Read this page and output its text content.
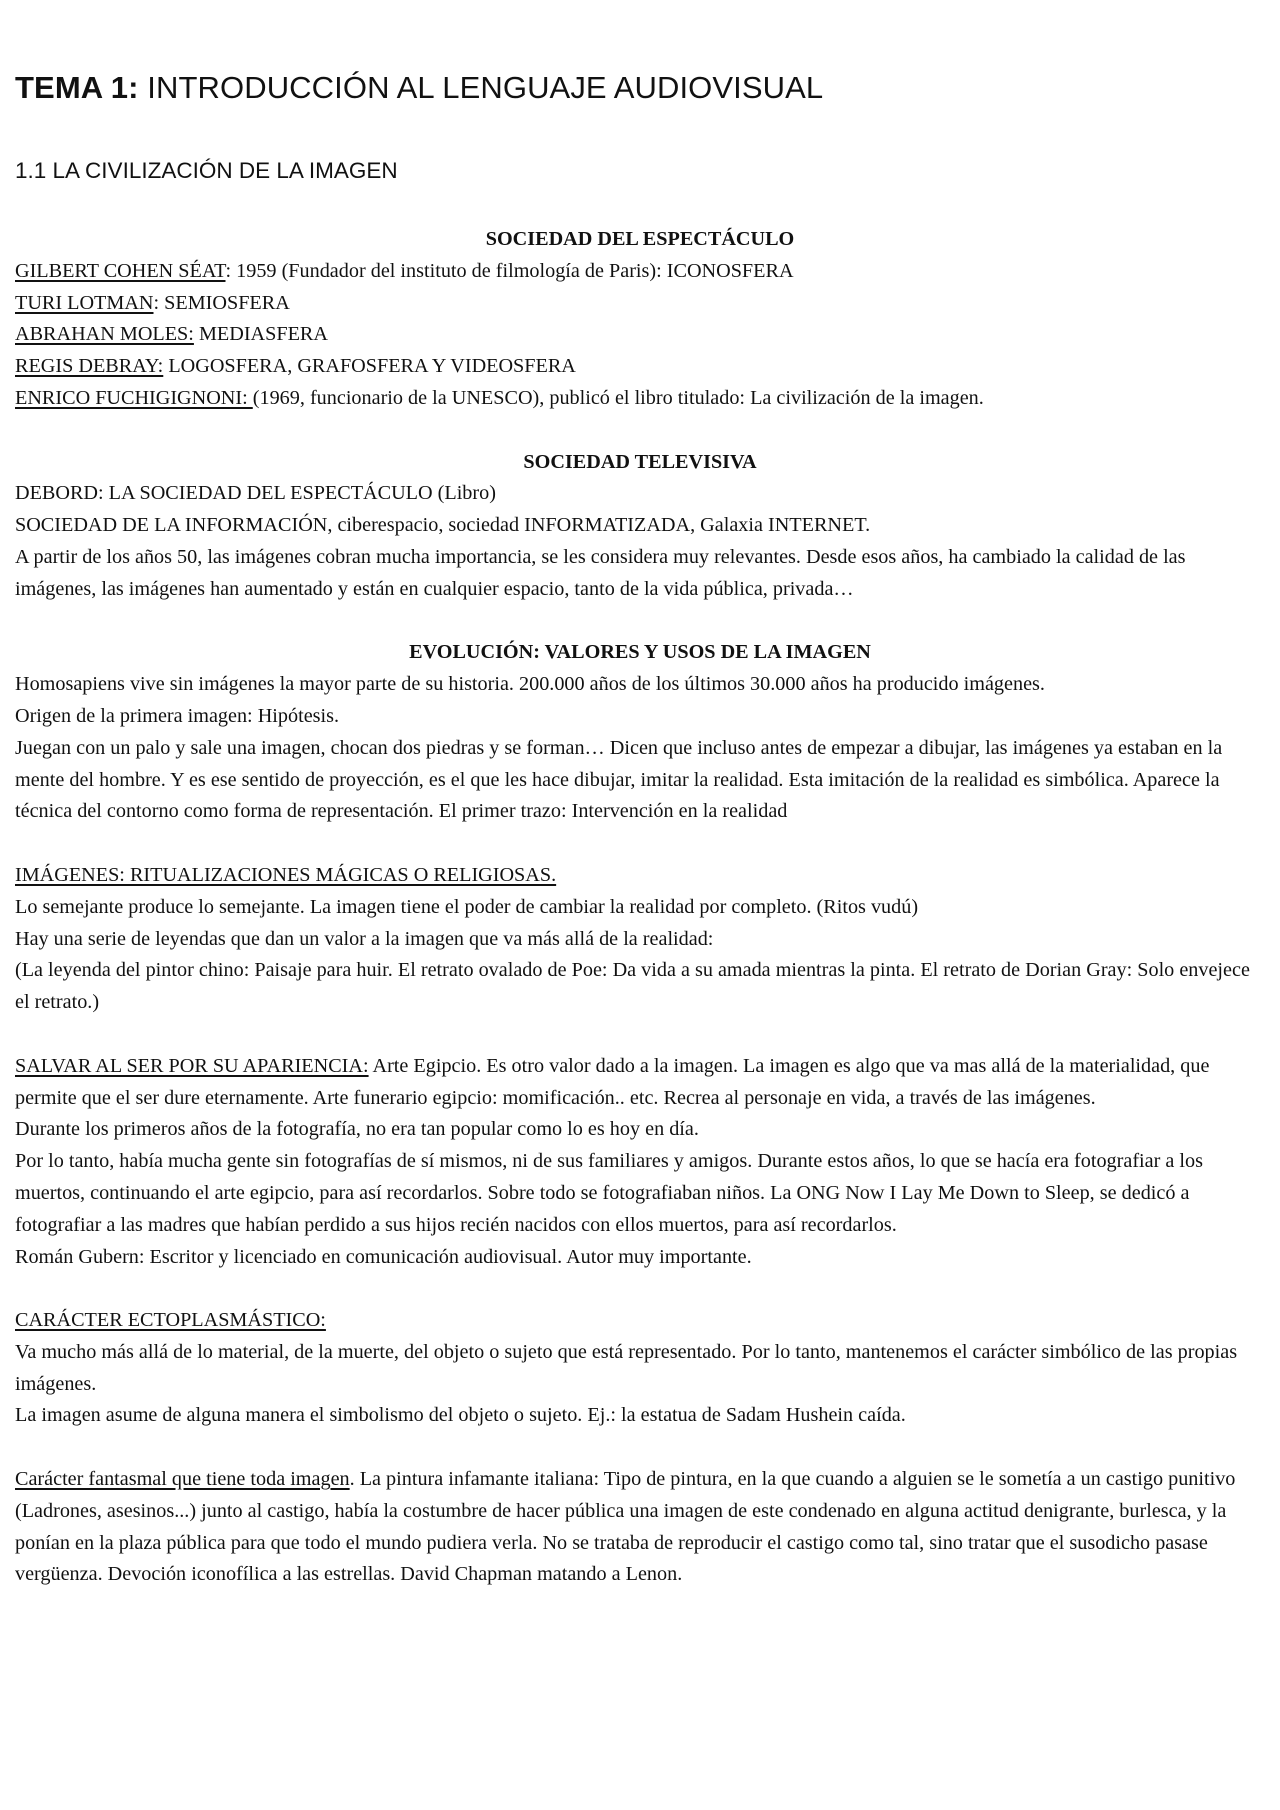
TEMA 1: INTRODUCCIÓN AL LENGUAJE AUDIOVISUAL
1.1 LA CIVILIZACIÓN DE LA IMAGEN

SOCIEDAD DEL ESPECTÁCULO

GILBERT COHEN SÉAT: 1959 (Fundador del instituto de filmología de Paris): ICONOSFERA

TURI LOTMAN: SEMIOSFERA

ABRAHAN MOLES: MEDIASFERA

REGIS DEBRAY: LOGOSFERA, GRAFOSFERA Y VIDEOSFERA

ENRICO FUCHIGIGNONI: (1969, funcionario de la UNESCO), publicó el libro titulado: La civilización de la imagen.

SOCIEDAD TELEVISIVA

DEBORD: LA SOCIEDAD DEL ESPECTÁCULO (Libro)

SOCIEDAD DE LA INFORMACIÓN, ciberespacio, sociedad INFORMATIZADA, Galaxia INTERNET.

A partir de los años 50, las imágenes cobran mucha importancia, se les considera muy relevantes. Desde esos años, ha cambiado la calidad de las imágenes, las imágenes han aumentado y están en cualquier espacio, tanto de la vida pública, privada…

EVOLUCIÓN: VALORES Y USOS DE LA IMAGEN

Homosapiens vive sin imágenes la mayor parte de su historia. 200.000 años de los últimos 30.000 años ha producido imágenes.

Origen de la primera imagen: Hipótesis.

Juegan con un palo y sale una imagen, chocan dos piedras y se forman… Dicen que incluso antes de empezar a dibujar, las imágenes ya estaban en la mente del hombre. Y es ese sentido de proyección, es el que les hace dibujar, imitar la realidad. Esta imitación de la realidad es simbólica. Aparece la técnica del contorno como forma de representación. El primer trazo: Intervención en la realidad

IMÁGENES: RITUALIZACIONES MÁGICAS O RELIGIOSAS.

Lo semejante produce lo semejante. La imagen tiene el poder de cambiar la realidad por completo. (Ritos vudú)

Hay una serie de leyendas que dan un valor a la imagen que va más allá de la realidad:

(La leyenda del pintor chino: Paisaje para huir. El retrato ovalado de Poe: Da vida a su amada mientras la pinta. El retrato de Dorian Gray: Solo envejece el retrato.)

SALVAR AL SER POR SU APARIENCIA: Arte Egipcio. Es otro valor dado a la imagen. La imagen es algo que va mas allá de la materialidad, que permite que el ser dure eternamente. Arte funerario egipcio: momificación.. etc. Recrea al personaje en vida, a través de las imágenes.

Durante los primeros años de la fotografía, no era tan popular como lo es hoy en día.

Por lo tanto, había mucha gente sin fotografías de sí mismos, ni de sus familiares y amigos. Durante estos años, lo que se hacía era fotografiar a los muertos, continuando el arte egipcio, para así recordarlos. Sobre todo se fotografiaban niños. La ONG Now I Lay Me Down to Sleep, se dedicó a fotografiar a las madres que habían perdido a sus hijos recién nacidos con ellos muertos, para así recordarlos.

Román Gubern: Escritor y licenciado en comunicación audiovisual. Autor muy importante.

CARÁCTER ECTOPLASMÁSTICO:

Va mucho más allá de lo material, de la muerte, del objeto o sujeto que está representado. Por lo tanto, mantenemos el carácter simbólico de las propias imágenes.

La imagen asume de alguna manera el simbolismo del objeto o sujeto. Ej.: la estatua de Sadam Hushein caída.

Carácter fantasmal que tiene toda imagen. La pintura infamante italiana: Tipo de pintura, en la que cuando a alguien se le sometía a un castigo punitivo (Ladrones, asesinos...) junto al castigo, había la costumbre de hacer pública una imagen de este condenado en alguna actitud denigrante, burlesca, y la ponían en la plaza pública para que todo el mundo pudiera verla. No se trataba de reproducir el castigo como tal, sino tratar que el susodicho pasase vergüenza. Devoción iconofílica a las estrellas. David Chapman matando a Lenon.
